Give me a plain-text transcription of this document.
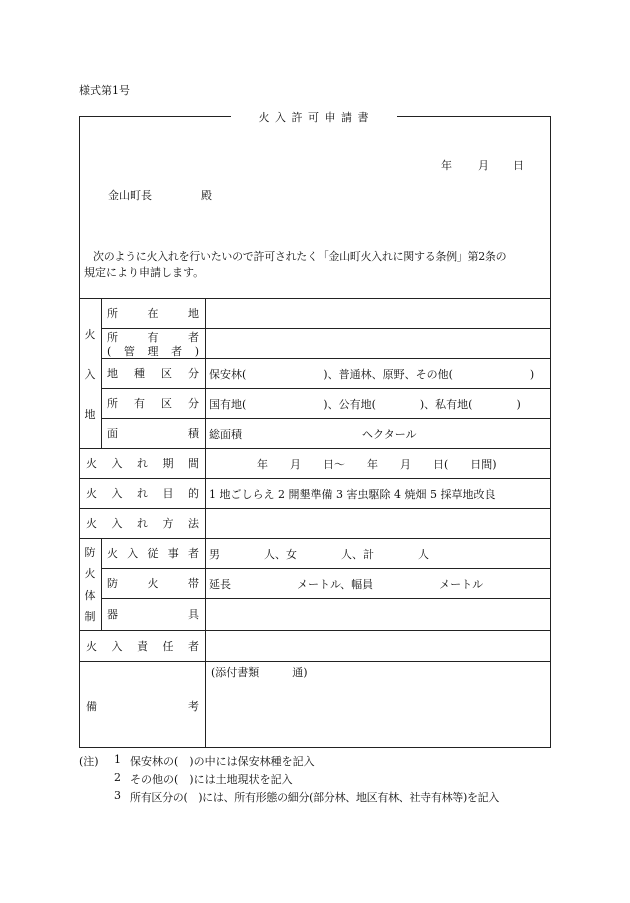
様式第1号
火 入 許 可 申 請 書
年 月 日
金山町長	殿
次のように火入れを行いたいので許可されたく「金山町火入れに関する条例」第2条の
規定により申請します。
火
入
地
所在地
所有者
(管理者)
地種区分 保安林(　　　　　　　)、普通林、原野、その他(　　　　　　　)
所有区分 国有地(　　　　　　　)、公有地(　　　　)、私有地(　　　　)
面積 総面積	ヘクタール
火入れ期間	年　　月　　日〜　　年　　月　　日(　　日間)
火入れ目的 1 地ごしらえ 2 開墾準備 3 害虫駆除 4 焼畑 5 採草地改良
火入れ方法
防
火
体
制
火入従事者 男　　　　人、女　　　　人、計　　　　人
防火帯 延長　　　　　　メートル、幅員　　　　　　メートル
器具
火入責任者
備	考
(添付書類　　　通)
(注) 1 保安林の(　)の中には保安林種を記入
2 その他の(　)には土地現状を記入
3 所有区分の(　)には、所有形態の細分(部分林、地区有林、社寺有林等)を記入
